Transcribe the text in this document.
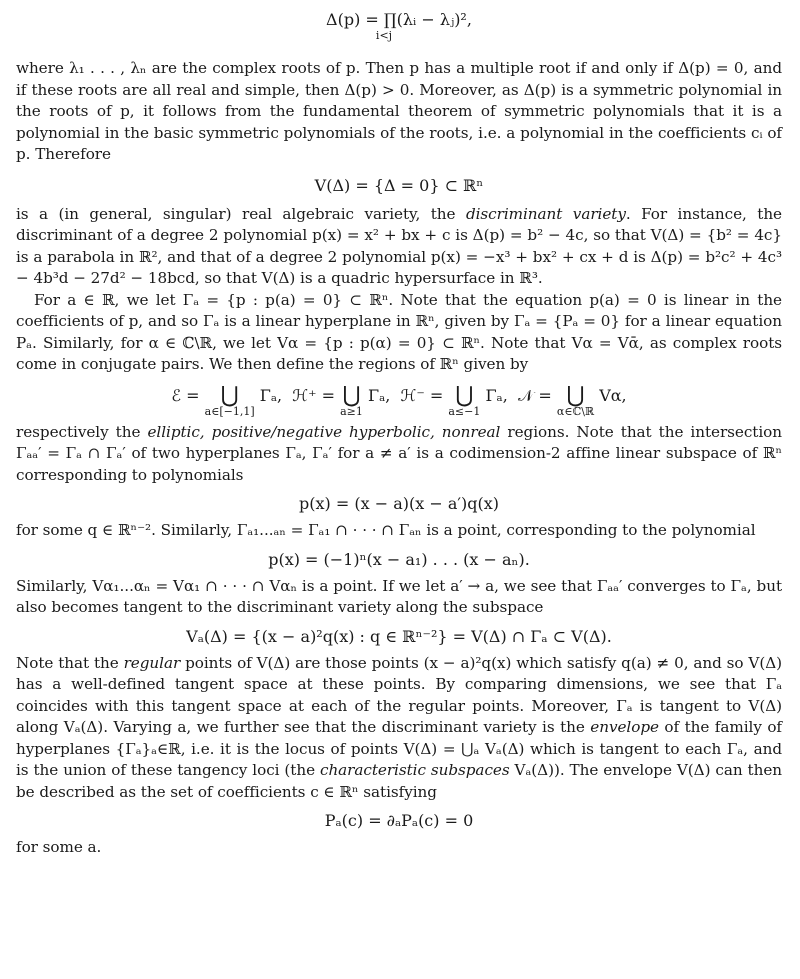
Δ(p) = ∏(λᵢ − λⱼ)²,
i<j

where λ₁ . . . , λₙ are the complex roots of p. Then p has a multiple root if and only if Δ(p) = 0, and if these roots are all real and simple, then Δ(p) > 0. Moreover, as Δ(p) is a symmetric polynomial in the roots of p, it follows from the fundamental theorem of symmetric polynomials that it is a polynomial in the basic symmetric polynomials of the roots, i.e. a polynomial in the coefficients cᵢ of p. Therefore

V(Δ) = {Δ = 0} ⊂ ℝⁿ

is a (in general, singular) real algebraic variety, the discriminant variety. For instance, the discriminant of a degree 2 polynomial p(x) = x² + bx + c is Δ(p) = b² − 4c, so that V(Δ) = {b² = 4c} is a parabola in ℝ², and that of a degree 2 polynomial p(x) = −x³ + bx² + cx + d is Δ(p) = b²c² + 4c³ − 4b³d − 27d² − 18bcd, so that V(Δ) is a quadric hypersurface in ℝ³.

For a ∈ ℝ, we let Γₐ = {p : p(a) = 0} ⊂ ℝⁿ. Note that the equation p(a) = 0 is linear in the coefficients of p, and so Γₐ is a linear hyperplane in ℝⁿ, given by Γₐ = {Pₐ = 0} for a linear equation Pₐ. Similarly, for α ∈ ℂ\ℝ, we let Vα = {p : p(α) = 0} ⊂ ℝⁿ. Note that Vα = Vᾱ, as complex roots come in conjugate pairs. We then define the regions of ℝⁿ given by

ℰ = ⋃
a∈[−1,1]
Γₐ, ℋ⁺ = ⋃
a≥1
Γₐ, ℋ⁻ = ⋃
a≤−1
Γₐ, 𝒩 = ⋃
α∈ℂ\ℝ
Vα,

respectively the elliptic, positive/negative hyperbolic, nonreal regions. Note that the intersection Γₐₐ′ = Γₐ ∩ Γₐ′ of two hyperplanes Γₐ, Γₐ′ for a ≠ a′ is a codimension-2 affine linear subspace of ℝⁿ corresponding to polynomials

p(x) = (x − a)(x − a′)q(x)

for some q ∈ ℝⁿ⁻². Similarly, Γₐ₁...ₐₙ = Γₐ₁ ∩ · · · ∩ Γₐₙ is a point, corresponding to the polynomial

p(x) = (−1)ⁿ(x − a₁) . . . (x − aₙ).

Similarly, Vα₁...αₙ = Vα₁ ∩ · · · ∩ Vαₙ is a point. If we let a′ → a, we see that Γₐₐ′ converges to Γₐ, but also becomes tangent to the discriminant variety along the subspace

Vₐ(Δ) = {(x − a)²q(x) : q ∈ ℝⁿ⁻²} = V(Δ) ∩ Γₐ ⊂ V(Δ).

Note that the regular points of V(Δ) are those points (x − a)²q(x) which satisfy q(a) ≠ 0, and so V(Δ) has a well-defined tangent space at these points. By comparing dimensions, we see that Γₐ coincides with this tangent space at each of the regular points. Moreover, Γₐ is tangent to V(Δ) along Vₐ(Δ). Varying a, we further see that the discriminant variety is the envelope of the family of hyperplanes {Γₐ}ₐ∈ℝ, i.e. it is the locus of points V(Δ) = ⋃ₐ Vₐ(Δ) which is tangent to each Γₐ, and is the union of these tangency loci (the characteristic subspaces Vₐ(Δ)). The envelope V(Δ) can then be described as the set of coefficients c ∈ ℝⁿ satisfying

Pₐ(c) = ∂ₐPₐ(c) = 0

for some a.
